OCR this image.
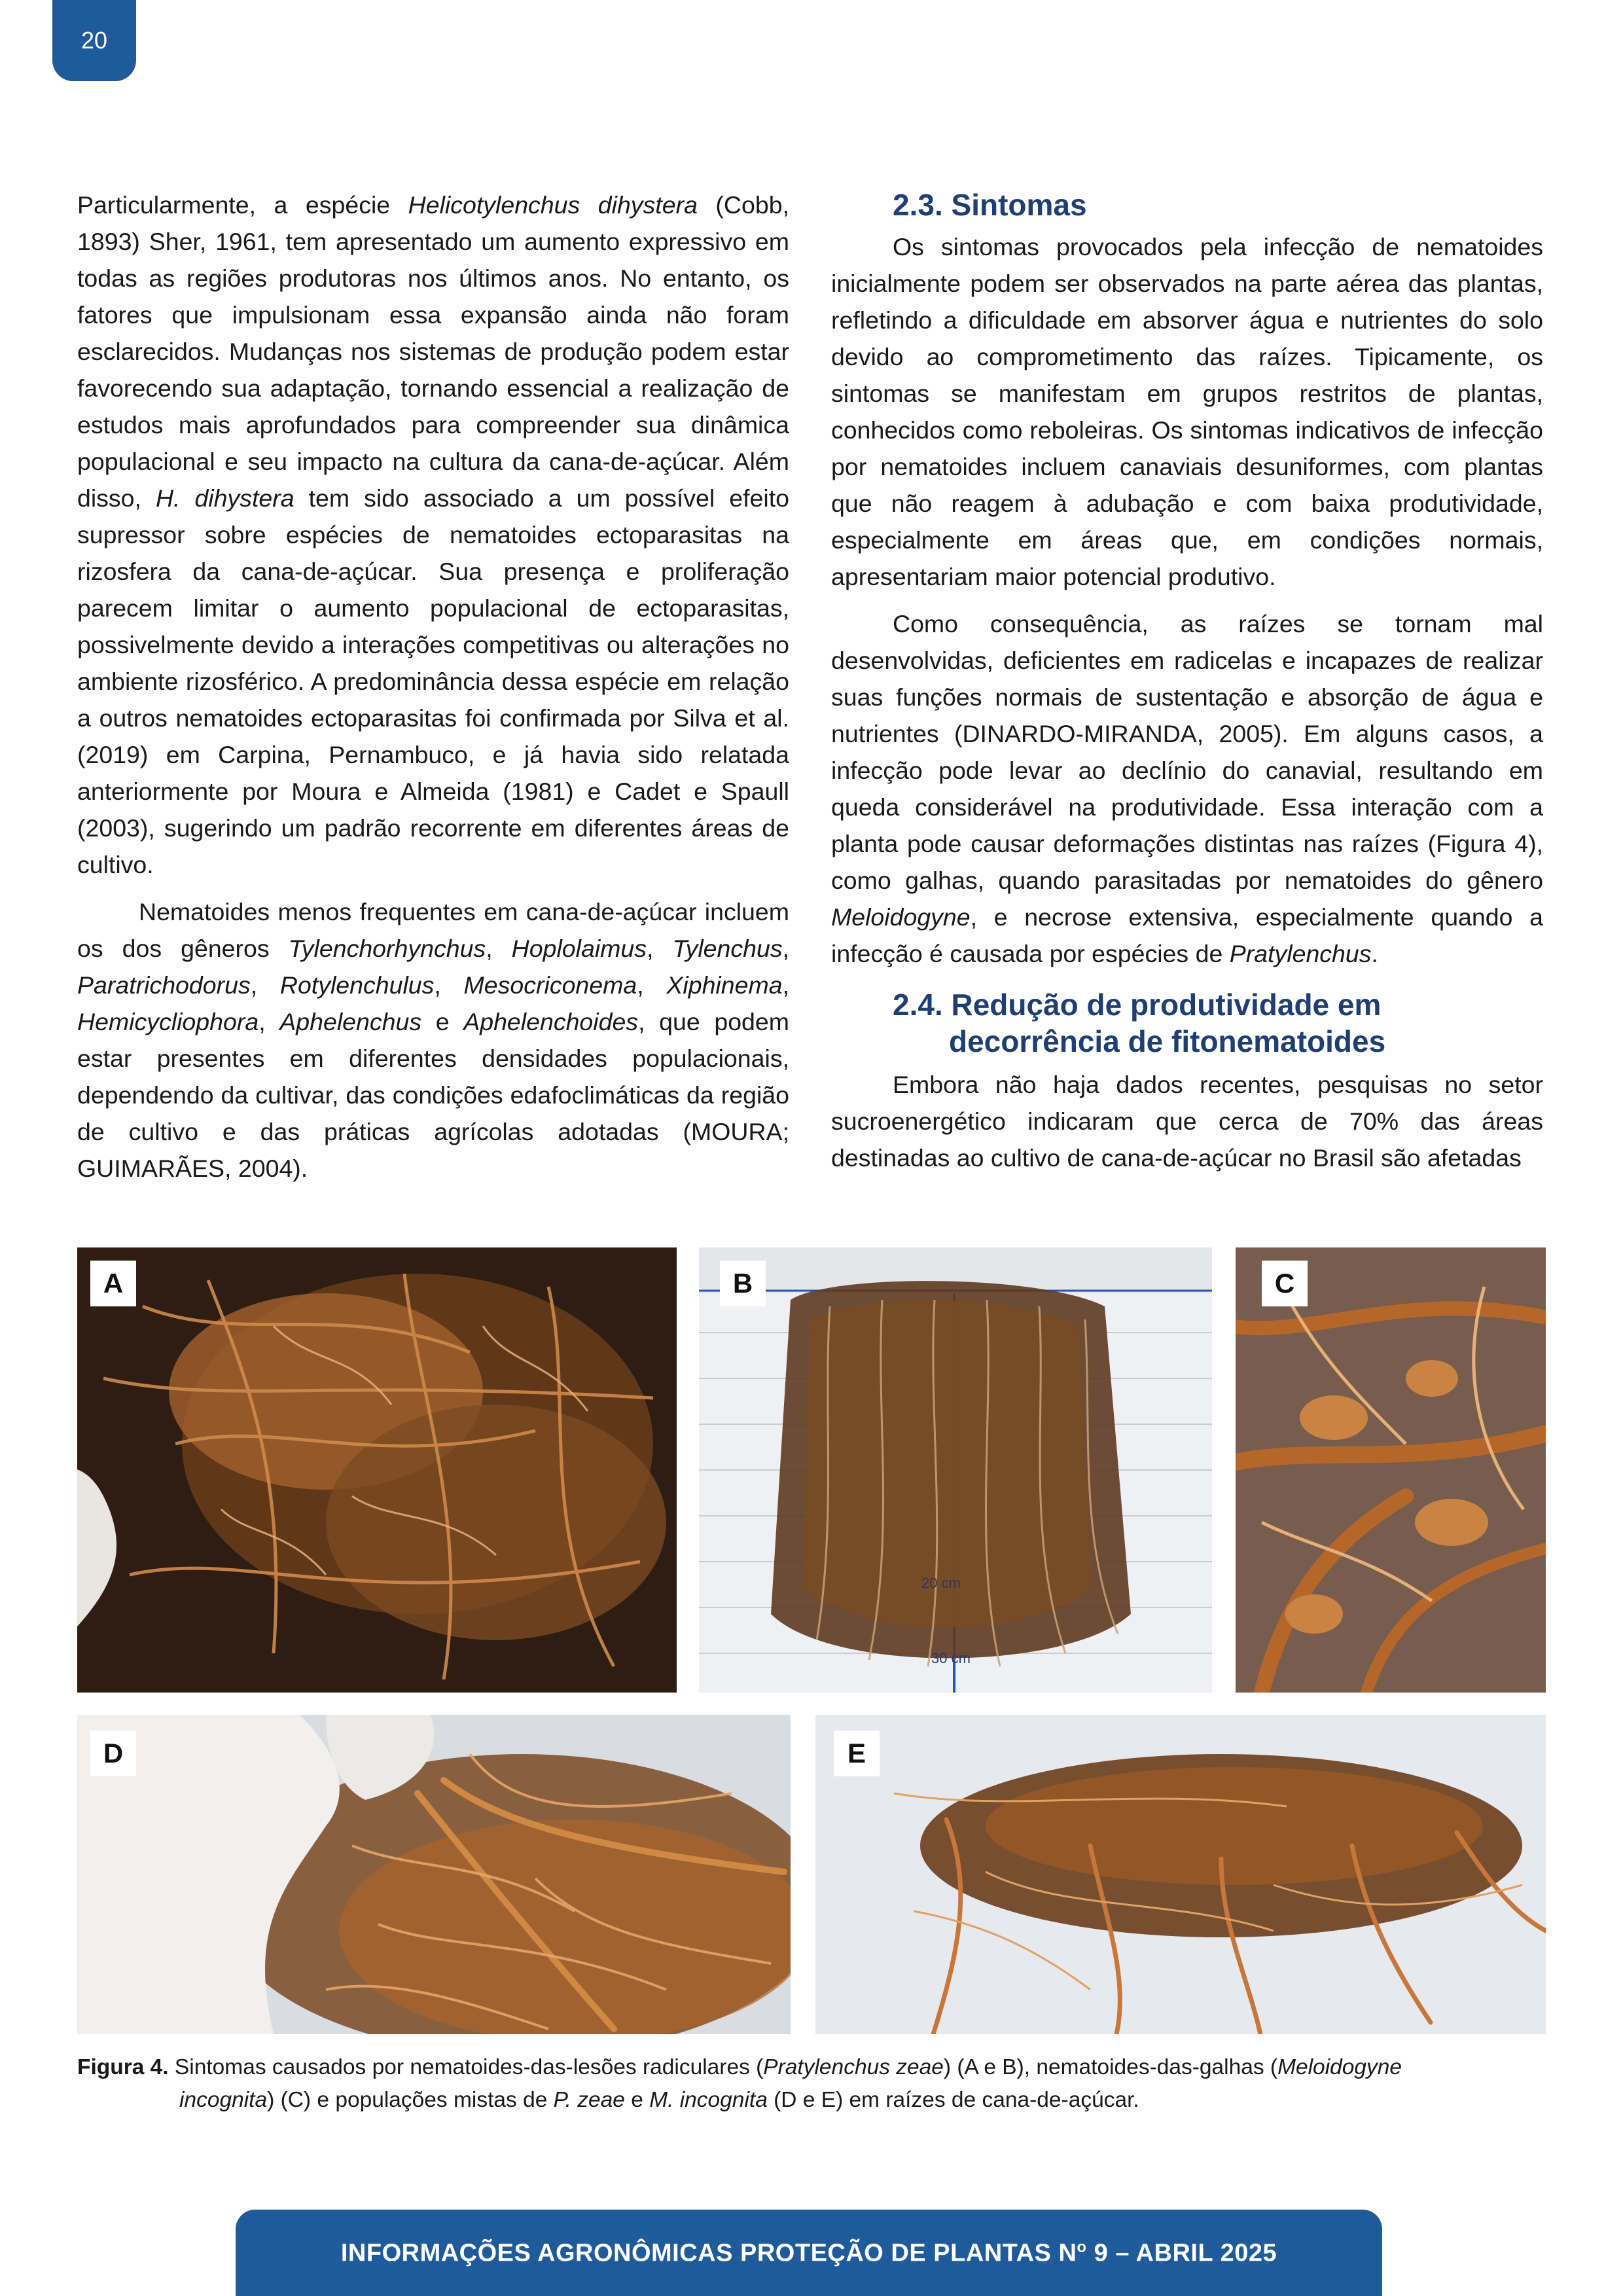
20

Particularmente, a espécie Helicotylenchus dihystera (Cobb, 1893) Sher, 1961, tem apresentado um aumento expressivo em todas as regiões produtoras nos últimos anos. No entanto, os fatores que impulsionam essa expansão ainda não foram esclarecidos. Mudanças nos sistemas de produção podem estar favorecendo sua adaptação, tornando essencial a realização de estudos mais aprofundados para compreender sua dinâmica populacional e seu impacto na cultura da cana-de-açúcar. Além disso, H. dihystera tem sido associado a um possível efeito supressor sobre espécies de nematoides ectoparasitas na rizosfera da cana-de-açúcar. Sua presença e proliferação parecem limitar o aumento populacional de ectoparasitas, possivelmente devido a interações competitivas ou alterações no ambiente rizosférico. A predominância dessa espécie em relação a outros nematoides ectoparasitas foi confirmada por Silva et al. (2019) em Carpina, Pernambuco, e já havia sido relatada anteriormente por Moura e Almeida (1981) e Cadet e Spaull (2003), sugerindo um padrão recorrente em diferentes áreas de cultivo.

Nematoides menos frequentes em cana-de-açúcar incluem os dos gêneros Tylenchorhynchus, Hoplolaimus, Tylenchus, Paratrichodorus, Rotylenchulus, Mesocriconema, Xiphinema, Hemicycliophora, Aphelenchus e Aphelenchoides, que podem estar presentes em diferentes densidades populacionais, dependendo da cultivar, das condições edafoclimáticas da região de cultivo e das práticas agrícolas adotadas (MOURA; GUIMARÃES, 2004).

2.3. Sintomas

Os sintomas provocados pela infecção de nematoides inicialmente podem ser observados na parte aérea das plantas, refletindo a dificuldade em absorver água e nutrientes do solo devido ao comprometimento das raízes. Tipicamente, os sintomas se manifestam em grupos restritos de plantas, conhecidos como reboleiras. Os sintomas indicativos de infecção por nematoides incluem canaviais desuniformes, com plantas que não reagem à adubação e com baixa produtividade, especialmente em áreas que, em condições normais, apresentariam maior potencial produtivo.

Como consequência, as raízes se tornam mal desenvolvidas, deficientes em radicelas e incapazes de realizar suas funções normais de sustentação e absorção de água e nutrientes (DINARDO-MIRANDA, 2005). Em alguns casos, a infecção pode levar ao declínio do canavial, resultando em queda considerável na produtividade. Essa interação com a planta pode causar deformações distintas nas raízes (Figura 4), como galhas, quando parasitadas por nematoides do gênero Meloidogyne, e necrose extensiva, especialmente quando a infecção é causada por espécies de Pratylenchus.

2.4. Redução de produtividade em
decorrência de fitonematoides

Embora não haja dados recentes, pesquisas no setor sucroenergético indicaram que cerca de 70% das áreas destinadas ao cultivo de cana-de-açúcar no Brasil são afetadas

A
20 cm
30 cm
B	C
D	E
Figura 4. Sintomas causados por nematoides-das-lesões radiculares (Pratylenchus zeae) (A e B), nematoides-das-galhas (Meloidogyne
incognita) (C) e populações mistas de P. zeae e M. incognita (D e E) em raízes de cana-de-açúcar.
INFORMAÇÕES AGRONÔMICAS PROTEÇÃO DE PLANTAS $N^o$ 9 – ABRIL 2025
